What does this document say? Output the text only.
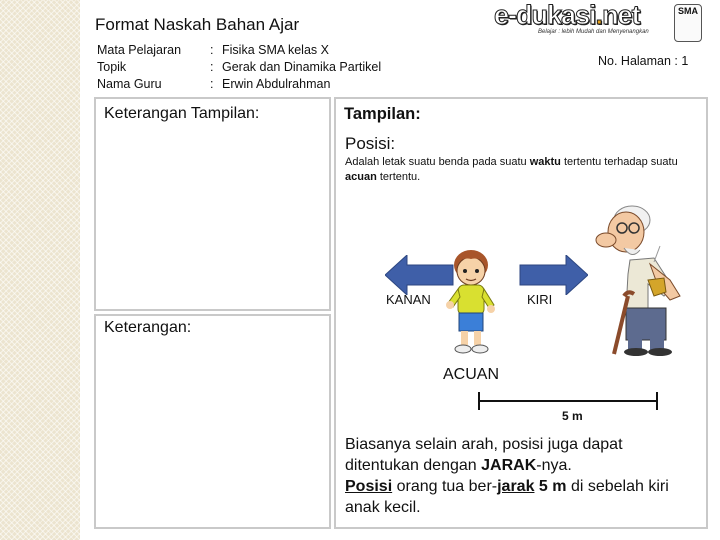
Format Naskah Bahan Ajar	e-dukasi.net
Belajar : lebih Mudah dan Menyenangkan
SMA
Mata Pelajaran	: Fisika SMA kelas X
Topik	: Gerak dan Dinamika Partikel
Nama Guru	: Erwin Abdulrahman
No. Halaman : 1
Keterangan Tampilan:
Keterangan:
Tampilan:
Posisi:
Adalah letak suatu benda pada suatu waktu tertentu terhadap suatu acuan tertentu.
KANAN	KIRI
ACUAN
5 m
Biasanya selain arah, posisi juga dapat ditentukan dengan JARAK-nya.
Posisi orang tua ber-jarak 5 m di sebelah kiri anak kecil.
